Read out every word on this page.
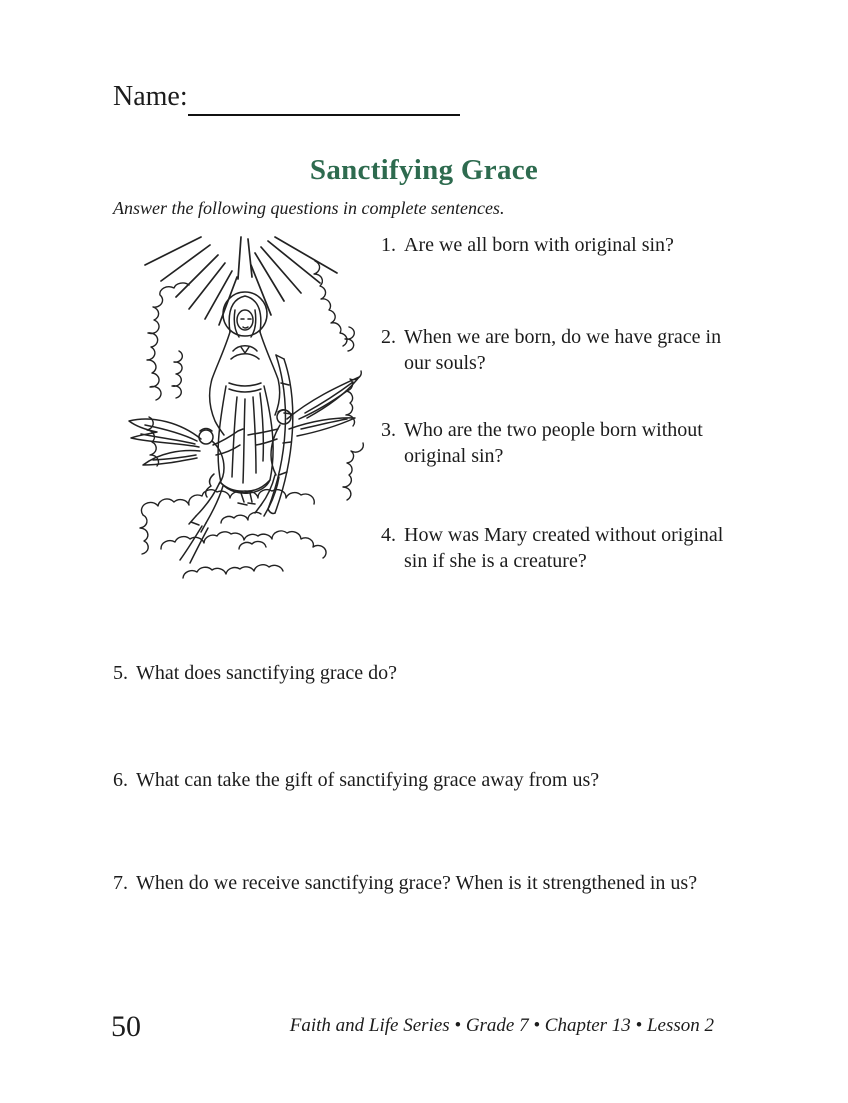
Name:
Sanctifying Grace

Answer the following questions in complete sentences.

1. Are we all born with original sin?
2. When we are born, do we have grace in our souls?
3. Who are the two people born without original sin?
4. How was Mary created without original sin if she is a creature?
5. What does sanctifying grace do?
6. What can take the gift of sanctifying grace away from us?
7. When do we receive sanctifying grace? When is it strengthened in us?
50	Faith and Life Series • Grade 7 • Chapter 13 • Lesson 2
